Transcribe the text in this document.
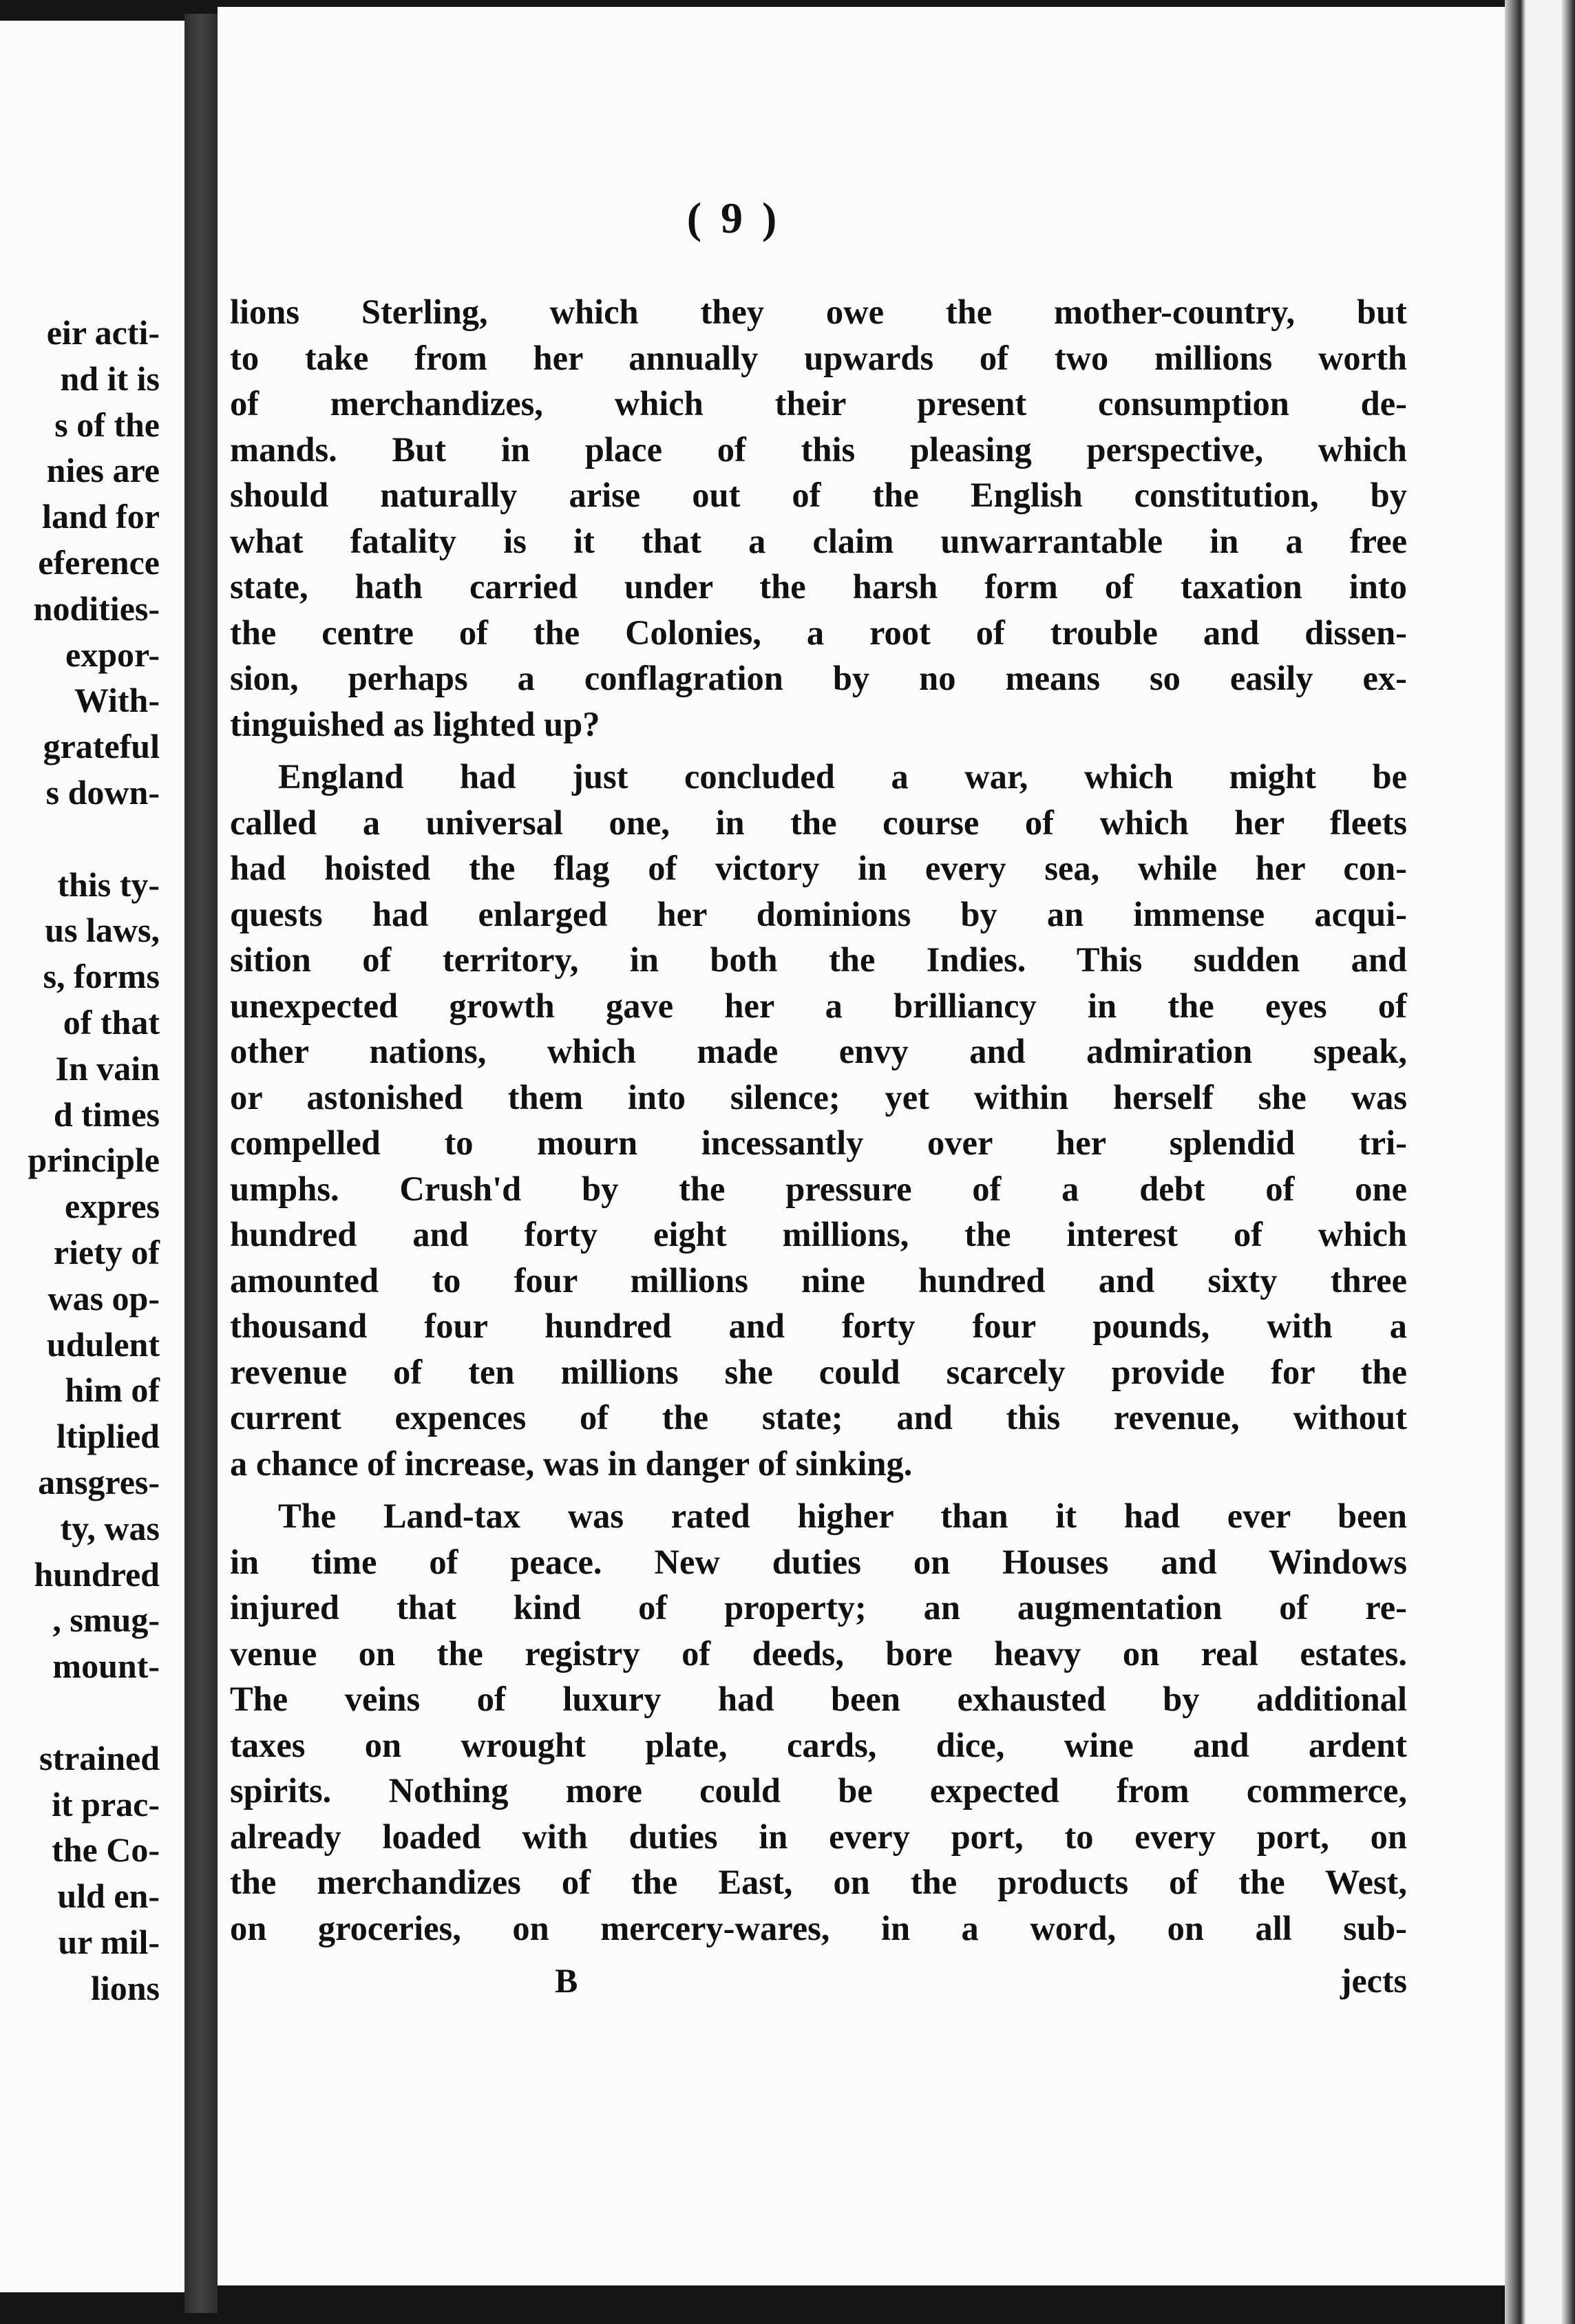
eir acti-
nd it is
s of the
nies are
land for
eference
nodities-
expor-
With-
grateful
s down-
this ty-
us laws,
s, forms
of that
In vain
d times
principle
expres
riety of
was op-
udulent
him of
ltiplied
ansgres-
ty, was
hundred
, smug-
mount-
strained
it prac-
the Co-
uld en-
ur mil-
lions
( 9 )
lions Sterling, which they owe the mother-country, but
to take from her annually upwards of two millions worth
of merchandizes, which their present consumption de-
mands. But in place of this pleasing perspective, which
should naturally arise out of the English constitution, by
what fatality is it that a claim unwarrantable in a free
state, hath carried under the harsh form of taxation into
the centre of the Colonies, a root of trouble and dissen-
sion, perhaps a conflagration by no means so easily ex-
tinguished as lighted up?
England had just concluded a war, which might be
called a universal one, in the course of which her fleets
had hoisted the flag of victory in every sea, while her con-
quests had enlarged her dominions by an immense acqui-
sition of territory, in both the Indies. This sudden and
unexpected growth gave her a brilliancy in the eyes of
other nations, which made envy and admiration speak,
or astonished them into silence; yet within herself she was
compelled to mourn incessantly over her splendid tri-
umphs. Crush'd by the pressure of a debt of one
hundred and forty eight millions, the interest of which
amounted to four millions nine hundred and sixty three
thousand four hundred and forty four pounds, with a
revenue of ten millions she could scarcely provide for the
current expences of the state; and this revenue, without
a chance of increase, was in danger of sinking.
The Land-tax was rated higher than it had ever been
in time of peace. New duties on Houses and Windows
injured that kind of property; an augmentation of re-
venue on the registry of deeds, bore heavy on real estates.
The veins of luxury had been exhausted by additional
taxes on wrought plate, cards, dice, wine and ardent
spirits. Nothing more could be expected from commerce,
already loaded with duties in every port, to every port, on
the merchandizes of the East, on the products of the West,
on groceries, on mercery-wares, in a word, on all sub-
B	jects
